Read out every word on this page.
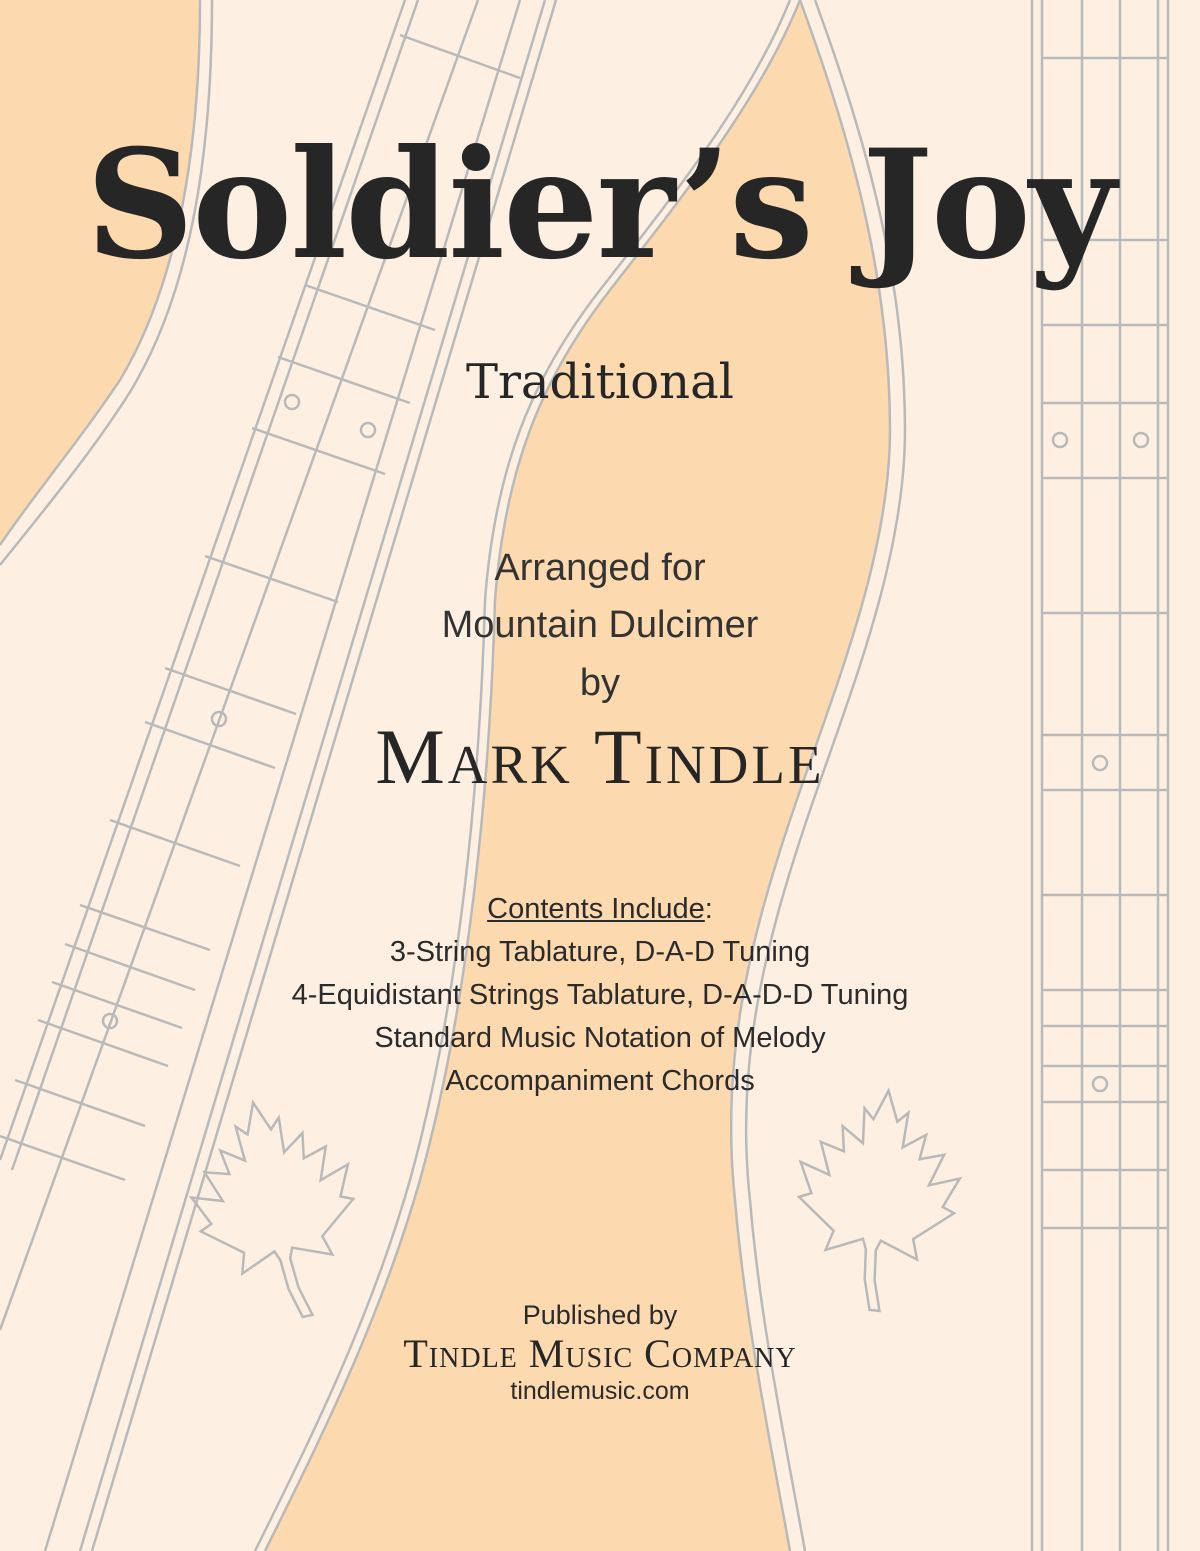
Soldier’s Joy
Traditional
Arranged for
Mountain Dulcimer
by
Mark Tindle
Contents Include:
3-String Tablature, D-A-D Tuning
4-Equidistant Strings Tablature, D-A-D-D Tuning
Standard Music Notation of Melody
Accompaniment Chords
Published by
Tindle Music Company
tindlemusic.com
